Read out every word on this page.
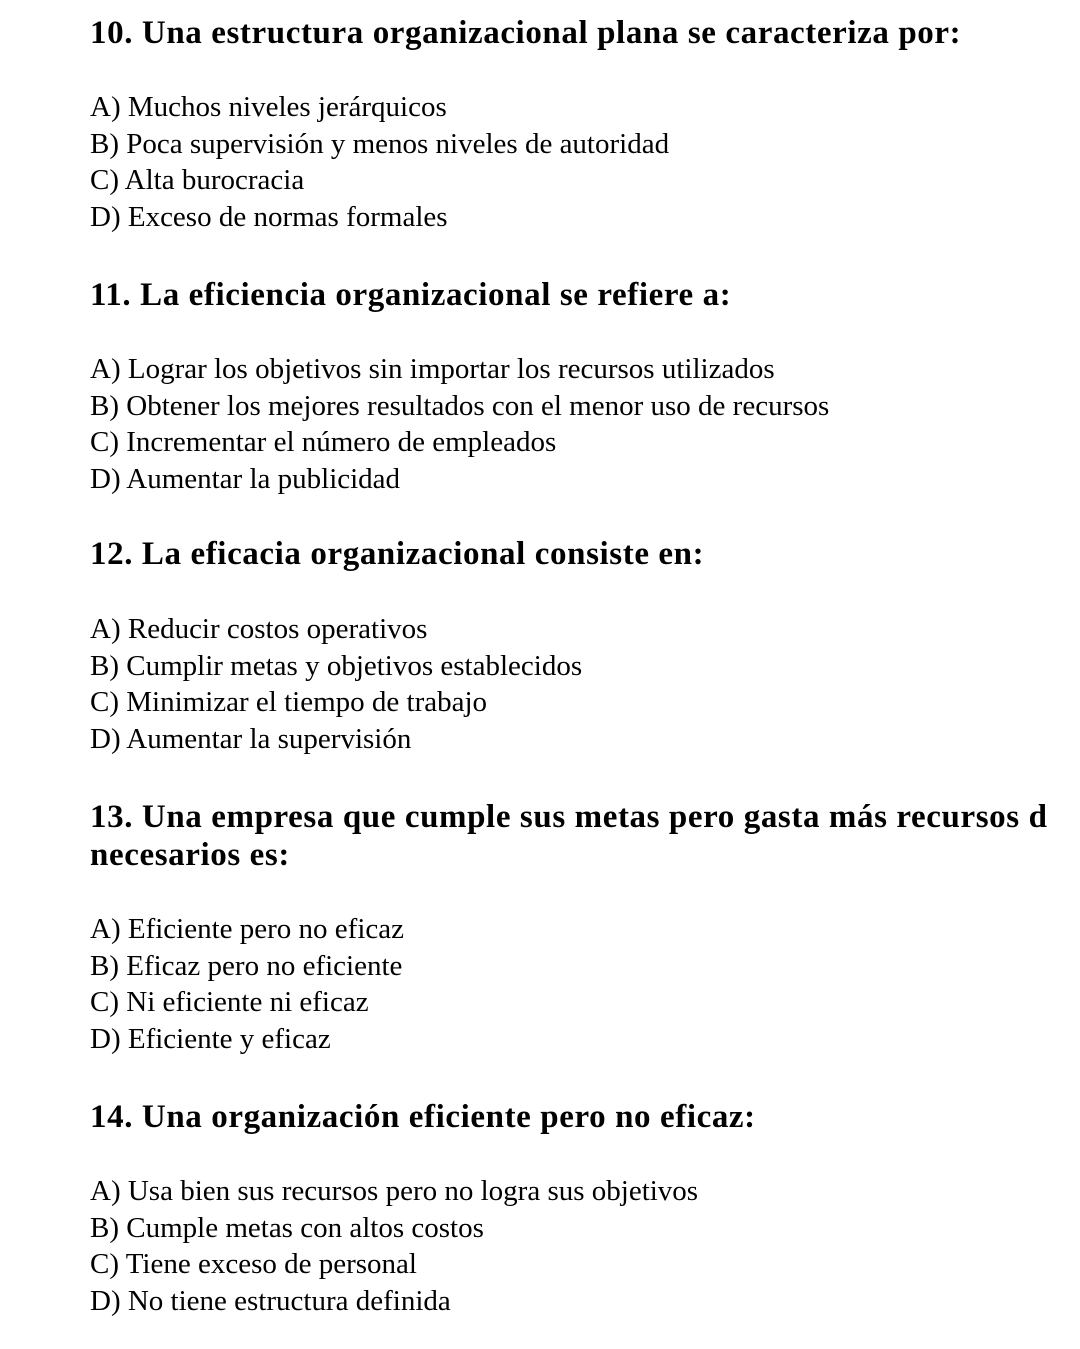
10. Una estructura organizacional plana se caracteriza por:
A) Muchos niveles jerárquicos
B) Poca supervisión y menos niveles de autoridad
C) Alta burocracia
D) Exceso de normas formales
11. La eficiencia organizacional se refiere a:
A) Lograr los objetivos sin importar los recursos utilizados
B) Obtener los mejores resultados con el menor uso de recursos
C) Incrementar el número de empleados
D) Aumentar la publicidad
12. La eficacia organizacional consiste en:
A) Reducir costos operativos
B) Cumplir metas y objetivos establecidos
C) Minimizar el tiempo de trabajo
D) Aumentar la supervisión
13. Una empresa que cumple sus metas pero gasta más recursos d
necesarios es:
A) Eficiente pero no eficaz
B) Eficaz pero no eficiente
C) Ni eficiente ni eficaz
D) Eficiente y eficaz
14. Una organización eficiente pero no eficaz:
A) Usa bien sus recursos pero no logra sus objetivos
B) Cumple metas con altos costos
C) Tiene exceso de personal
D) No tiene estructura definida
